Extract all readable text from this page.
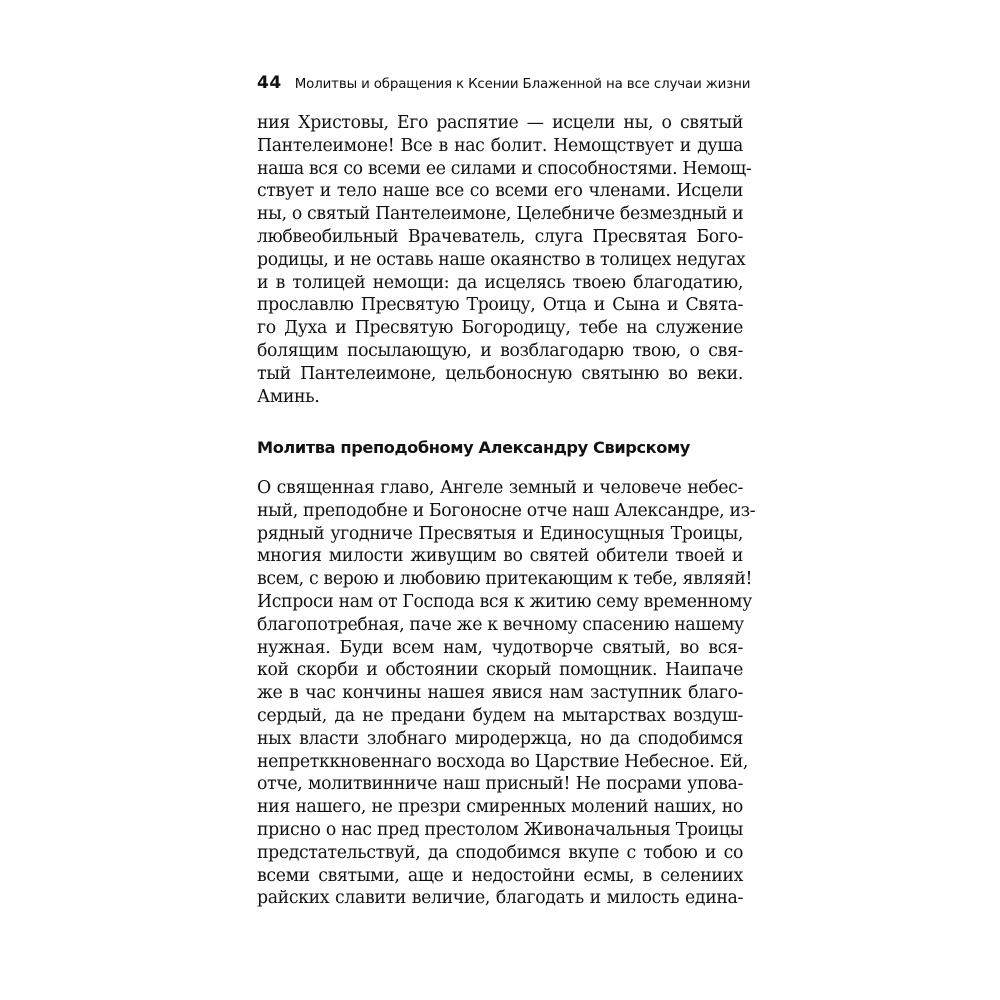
44 Молитвы и обращения к Ксении Блаженной на все случаи жизни
ния Христовы, Его распятие — исцели ны, о святый
Пантелеимоне! Все в нас болит. Немощствует и душа
наша вся со всеми ее силами и способностями. Немощ-
ствует и тело наше все со всеми его членами. Исцели
ны, о святый Пантелеимоне, Целебниче безмездный и
любвеобильный Врачеватель, слуга Пресвятая Бого-
родицы, и не оставь наше окаянство в толицех недугах
и в толицей немощи: да исцелясь твоею благодатию,
прославлю Пресвятую Троицу, Отца и Сына и Свята-
го Духа и Пресвятую Богородицу, тебе на служение
болящим посылающую, и возблагодарю твою, о свя-
тый Пантелеимоне, цельбоносную святыню во веки.
Аминь.
Молитва преподобному Александру Свирскому
О священная главо, Ангеле земный и человече небес-
ный, преподобне и Богоносне отче наш Александре, из-
рядный угодниче Пресвятыя и Единосущныя Троицы,
многия милости живущим во святей обители твоей и
всем, с верою и любовию притекающим к тебе, являяй!
Испроси нам от Господа вся к житию сему временному
благопотребная, паче же к вечному спасению нашему
нужная. Буди всем нам, чудотворче святый, во вся-
кой скорби и обстоянии скорый помощник. Наипаче
же в час кончины нашея явися нам заступник благо-
сердый, да не предани будем на мытарствах воздуш-
ных власти злобнаго миродержца, но да сподобимся
непретккновеннаго восхода во Царствие Небесное. Ей,
отче, молитвинниче наш присный! Не посрами упова-
ния нашего, не презри смиренных молений наших, но
присно о нас пред престолом Живоначальныя Троицы
предстательствуй, да сподобимся вкупе с тобою и со
всеми святыми, аще и недостойни есмы, в селениих
райских славити величие, благодать и милость едина-
